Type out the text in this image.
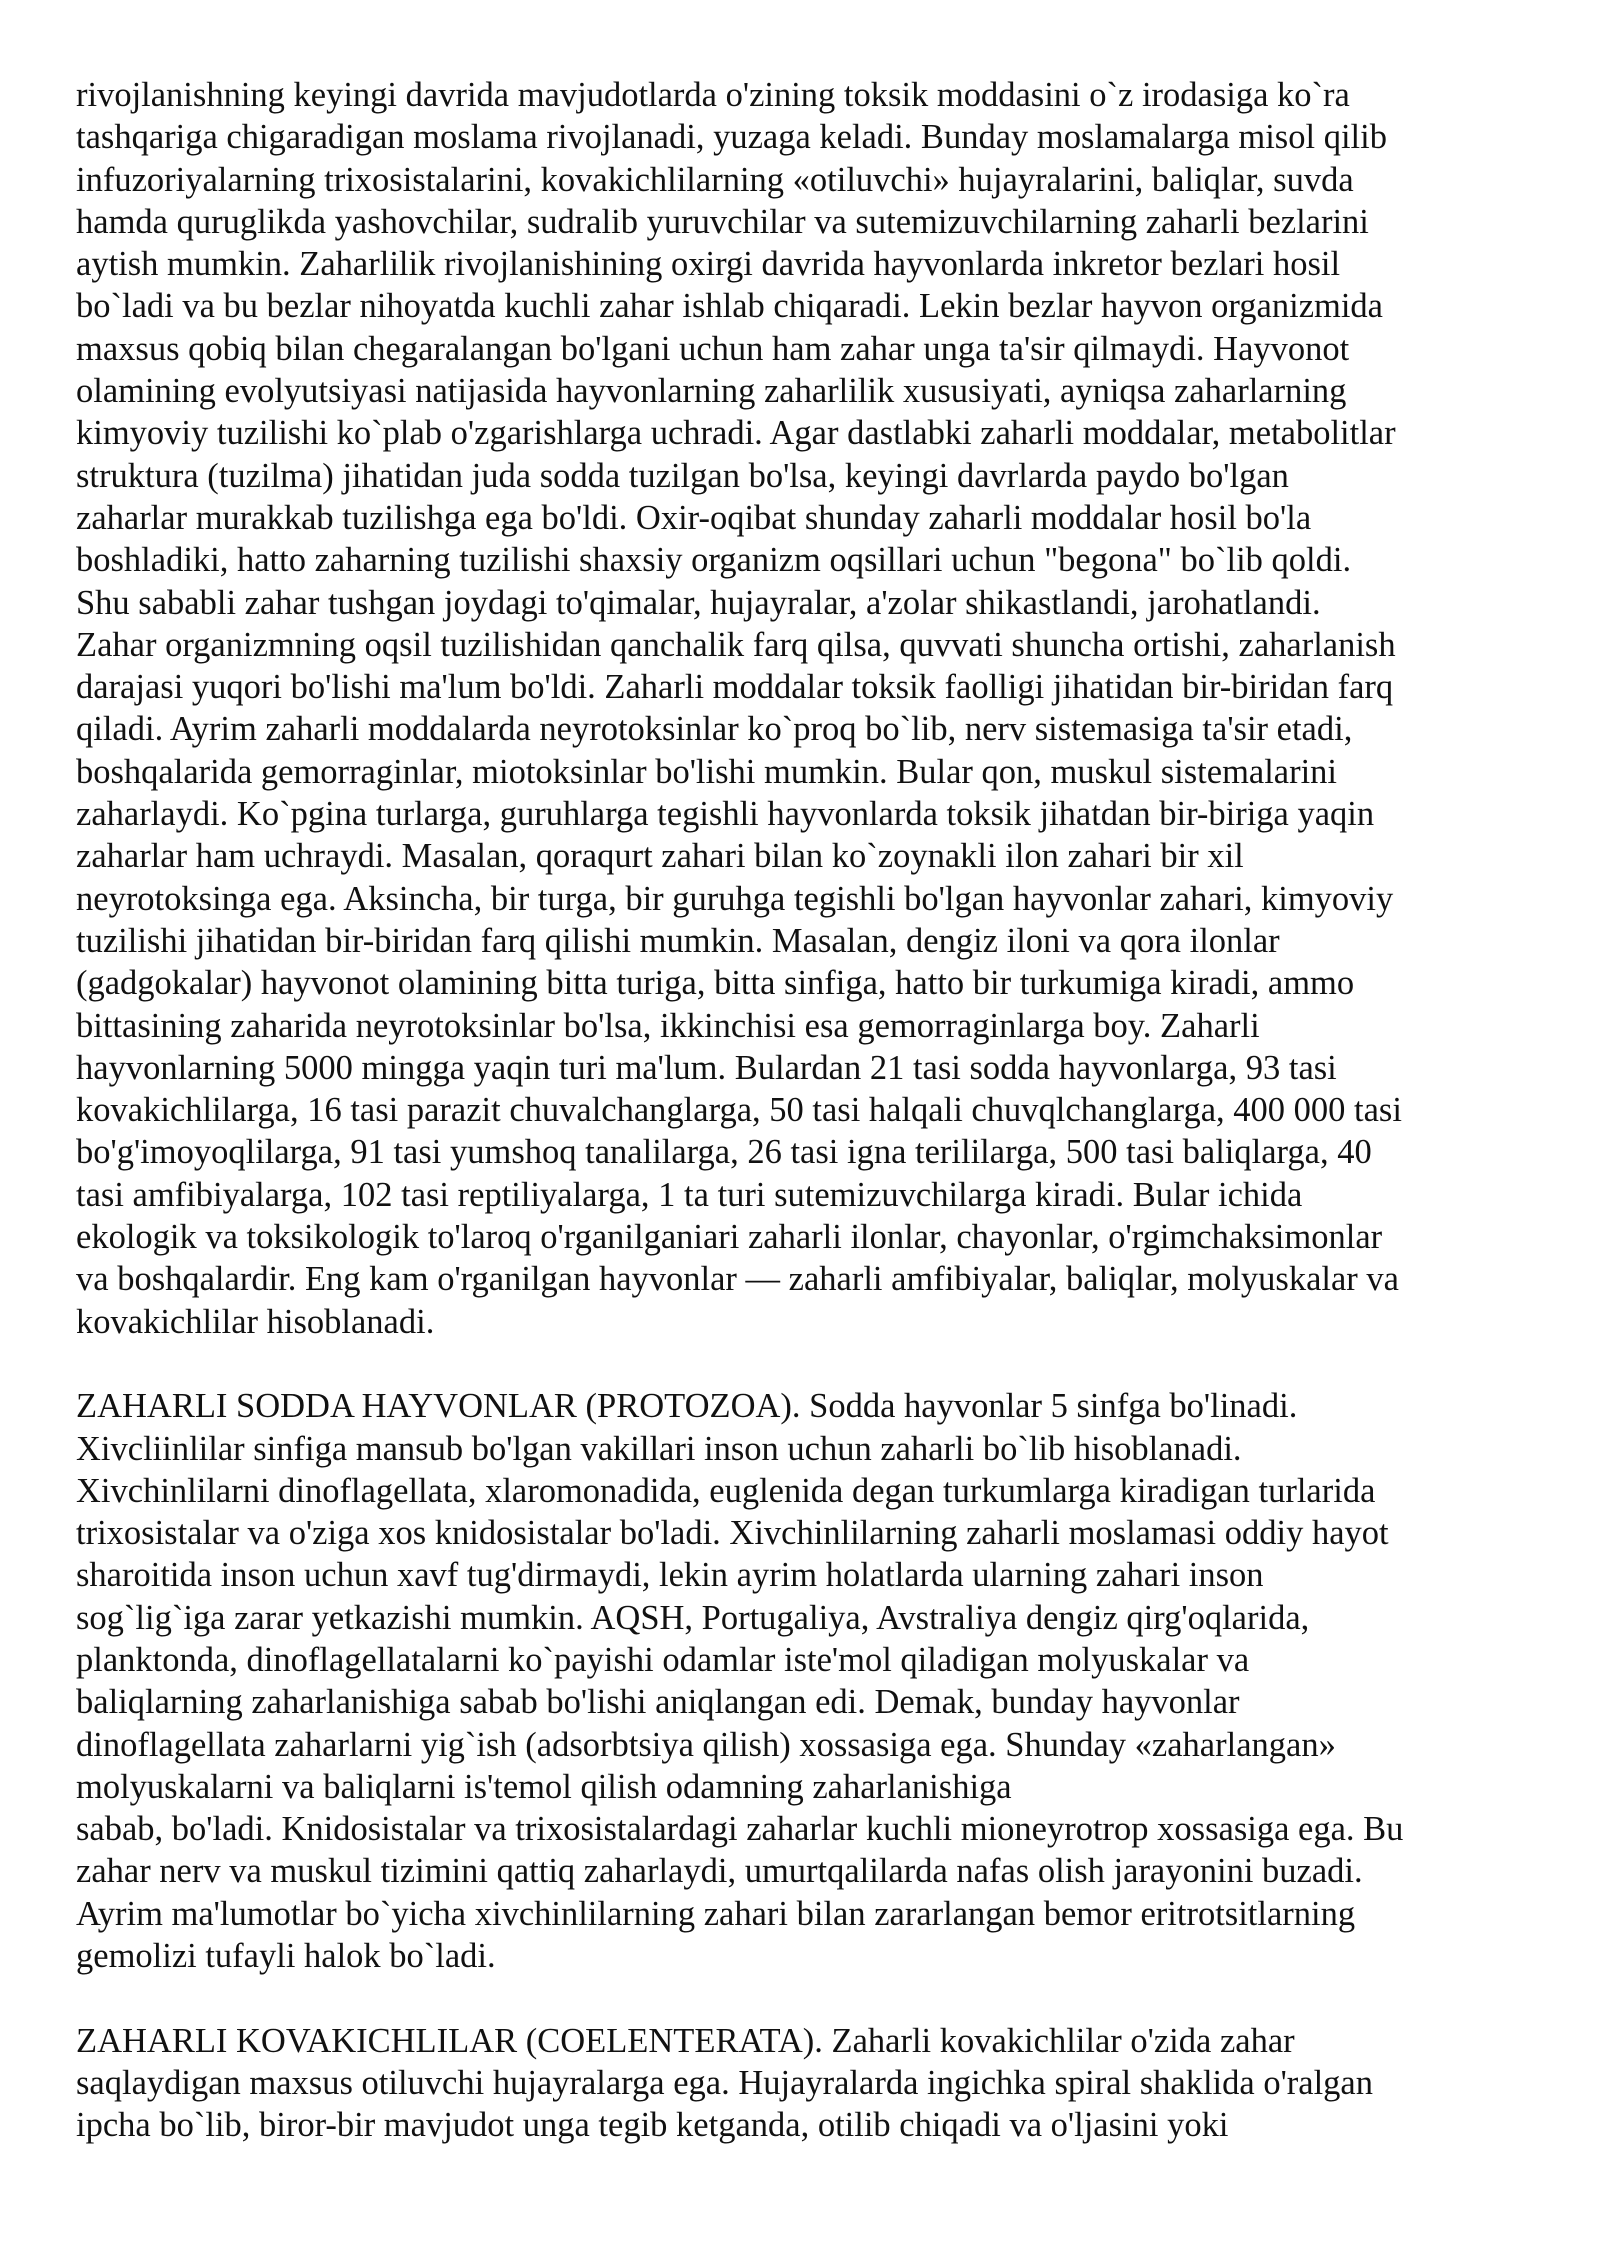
rivojlanishning keyingi davrida mavjudotlarda o'zining toksik moddasini o`z irodasiga ko`ra
tashqariga chigaradigan moslama rivojlanadi, yuzaga keladi. Bunday moslamalarga misol qilib
infuzoriyalarning trixosistalarini, kovakichlilarning «otiluvchi» hujayralarini, baliqlar, suvda
hamda quruglikda yashovchilar, sudralib yuruvchilar va sutemizuvchilarning zaharli bezlarini
aytish mumkin. Zaharlilik rivojlanishining oxirgi davrida hayvonlarda inkretor bezlari hosil
bo`ladi va bu bezlar nihoyatda kuchli zahar ishlab chiqaradi. Lekin bezlar hayvon organizmida
maxsus qobiq bilan chegaralangan bo'lgani uchun ham zahar unga ta'sir qilmaydi. Hayvonot
olamining evolyutsiyasi natijasida hayvonlarning zaharlilik xususiyati, ayniqsa zaharlarning
kimyoviy tuzilishi ko`plab o'zgarishlarga uchradi. Agar dastlabki zaharli moddalar, metabolitlar
struktura (tuzilma) jihatidan juda sodda tuzilgan bo'lsa, keyingi davrlarda paydo bo'lgan
zaharlar murakkab tuzilishga ega bo'ldi. Oxir-oqibat shunday zaharli moddalar hosil bo'la
boshladiki, hatto zaharning tuzilishi shaxsiy organizm oqsillari uchun "begona" bo`lib qoldi.
Shu sababli zahar tushgan joydagi to'qimalar, hujayralar, a'zolar shikastlandi, jarohatlandi.
Zahar organizmning oqsil tuzilishidan qanchalik farq qilsa, quvvati shuncha ortishi, zaharlanish
darajasi yuqori bo'lishi ma'lum bo'ldi. Zaharli moddalar toksik faolligi jihatidan bir-biridan farq
qiladi. Ayrim zaharli moddalarda neyrotoksinlar ko`proq bo`lib, nerv sistemasiga ta'sir etadi,
boshqalarida gemorraginlar, miotoksinlar bo'lishi mumkin. Bular qon, muskul sistemalarini
zaharlaydi. Ko`pgina turlarga, guruhlarga tegishli hayvonlarda toksik jihatdan bir-biriga yaqin
zaharlar ham uchraydi. Masalan, qoraqurt zahari bilan ko`zoynakli ilon zahari bir xil
neyrotoksinga ega. Aksincha, bir turga, bir guruhga tegishli bo'lgan hayvonlar zahari, kimyoviy
tuzilishi jihatidan bir-biridan farq qilishi mumkin. Masalan, dengiz iloni va qora ilonlar
(gadgokalar) hayvonot olamining bitta turiga, bitta sinfiga, hatto bir turkumiga kiradi, ammo
bittasining zaharida neyrotoksinlar bo'lsa, ikkinchisi esa gemorraginlarga boy. Zaharli
hayvonlarning 5000 mingga yaqin turi ma'lum. Bulardan 21 tasi sodda hayvonlarga, 93 tasi
kovakichlilarga, 16 tasi parazit chuvalchanglarga, 50 tasi halqali chuvqlchanglarga, 400 000 tasi
bo'g'imoyoqlilarga, 91 tasi yumshoq tanalilarga, 26 tasi igna terililarga, 500 tasi baliqlarga, 40
tasi amfibiyalarga, 102 tasi reptiliyalarga, 1 ta turi sutemizuvchilarga kiradi. Bular ichida
ekologik va toksikologik to'laroq o'rganilganiari zaharli ilonlar, chayonlar, o'rgimchaksimonlar
va boshqalardir. Eng kam o'rganilgan hayvonlar — zaharli amfibiyalar, baliqlar, molyuskalar va
kovakichlilar hisoblanadi.
ZAHARLI SODDA HAYVONLAR (PROTOZOA). Sodda hayvonlar 5 sinfga bo'linadi.
Xivcliinlilar sinfiga mansub bo'lgan vakillari inson uchun zaharli bo`lib hisoblanadi.
Xivchinlilarni dinoflagellata, xlaromonadida, euglenida degan turkumlarga kiradigan turlarida
trixosistalar va o'ziga xos knidosistalar bo'ladi. Xivchinlilarning zaharli moslamasi oddiy hayot
sharoitida inson uchun xavf tug'dirmaydi, lekin ayrim holatlarda ularning zahari inson
sog`lig`iga zarar yetkazishi mumkin. AQSH, Portugaliya, Avstraliya dengiz qirg'oqlarida,
planktonda, dinoflagellatalarni ko`payishi odamlar iste'mol qiladigan molyuskalar va
baliqlarning zaharlanishiga sabab bo'lishi aniqlangan edi. Demak, bunday hayvonlar
dinoflagellata zaharlarni yig`ish (adsorbtsiya qilish) xossasiga ega. Shunday «zaharlangan»
molyuskalarni va baliqlarni is'temol qilish odamning zaharlanishiga
sabab, bo'ladi. Knidosistalar va trixosistalardagi zaharlar kuchli mioneyrotrop xossasiga ega. Bu
zahar nerv va muskul tizimini qattiq zaharlaydi, umurtqalilarda nafas olish jarayonini buzadi.
Ayrim ma'lumotlar bo`yicha xivchinlilarning zahari bilan zararlangan bemor eritrotsitlarning
gemolizi tufayli halok bo`ladi.
ZAHARLI KOVAKICHLILAR (COELENTERATA). Zaharli kovakichlilar o'zida zahar
saqlaydigan maxsus otiluvchi hujayralarga ega. Hujayralarda ingichka spiral shaklida o'ralgan
ipcha bo`lib, biror-bir mavjudot unga tegib ketganda, otilib chiqadi va o'ljasini yoki
